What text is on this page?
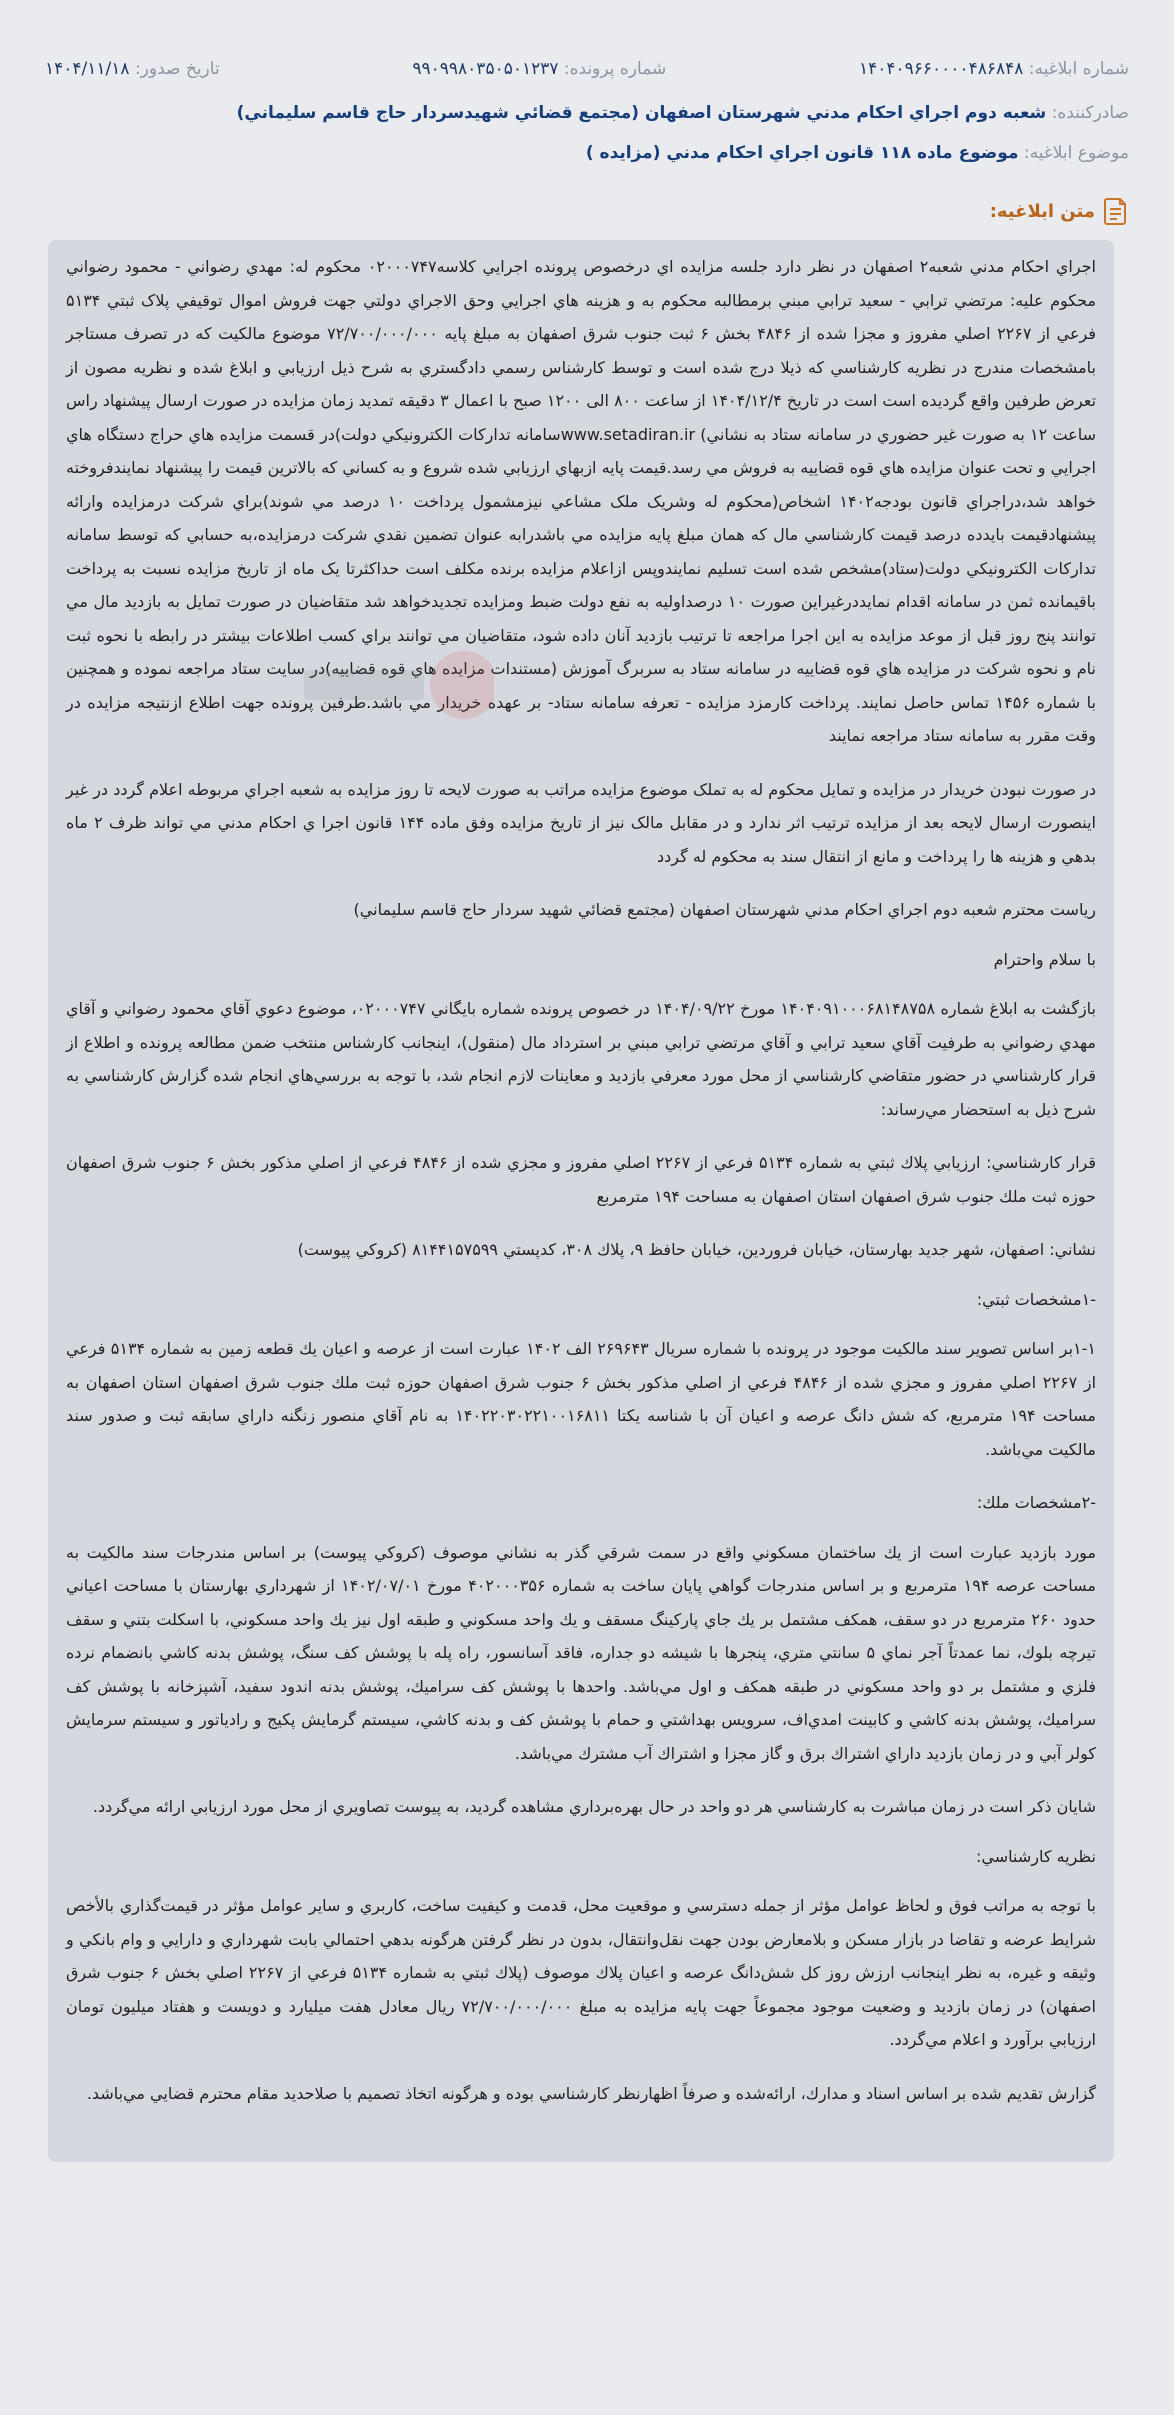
شماره ابلاغیه: ۱۴۰۴۰۹۶۶۰۰۰۰۴۸۶۸۴۸
شماره پرونده: ۹۹۰۹۹۸۰۳۵۰۵۰۱۲۳۷
تاریخ صدور: ۱۴۰۴/۱۱/۱۸
صادرکننده: شعبه دوم اجراي احکام مدني شهرستان اصفهان (مجتمع قضائي شهيدسردار حاج قاسم سليماني)
موضوع ابلاغیه: موضوع ماده ۱۱۸ قانون اجراي احکام مدني (مزايده )
متن ابلاغیه:

اجراي احکام مدني شعبه۲ اصفهان در نظر دارد جلسه مزايده اي درخصوص پرونده اجرايي کلاسه۰۲۰۰۰۷۴۷ محکوم له: مهدي رضواني - محمود رضواني محکوم علیه: مرتضي ترابي - سعيد ترابي مبني برمطالبه محکوم به و هزينه هاي اجرايي وحق الاجراي دولتي جهت فروش اموال توقيفي پلاک ثبتي ۵۱۳۴ فرعي از ۲۲۶۷ اصلي مفروز و مجزا شده از ۴۸۴۶ بخش ۶ ثبت جنوب شرق اصفهان به مبلغ پایه ۷۲/۷۰۰/۰۰۰/۰۰۰ موضوع مالكیت که در تصرف مستاجر بامشخصات مندرج در نظريه کارشناسي که ذيلا درج شده است و توسط کارشناس رسمي دادگستري به شرح ذيل ارزيابي و ابلاغ شده و نظريه مصون از تعرض طرفين واقع گرديده است است در تاريخ ۱۴۰۴/۱۲/۴ از ساعت ۸۰۰ الی ۱۲۰۰ صبح با اعمال ۳ دقیقه تمدید زمان مزایده در صورت ارسال پیشنهاد راس ساعت ۱۲ به صورت غير حضوري در سامانه ستاد به نشاني) www.setadiran.irسامانه تداركات الكترونيكي دولت)در قسمت مزايده هاي حراج دستگاه هاي اجرايي و تحت عنوان مزايده هاي قوه قضاييه به فروش مي رسد.قيمت پايه ازبهاي ارزيابي شده شروع و به كساني كه بالاترين قيمت را پيشنهاد نمايندفروخته خواهد شد،دراجراي قانون بودجه۱۴۰۲ اشخاص(محکوم له وشريک ملک مشاعي نيزمشمول پرداخت ۱۰ درصد مي شوند)براي شرکت درمزايده وارائه پيشنهادقيمت بايدده درصد قيمت كارشناسي مال كه همان مبلغ پايه مزايده مي باشدرابه عنوان تضمين نقدي شركت درمزايده،به حسابي كه توسط سامانه تداركات الكترونيكي دولت(ستاد)مشخص شده است تسليم نمايندوپس ازاعلام مزايده برنده مكلف است حداكثرتا يک ماه از تاريخ مزايده نسبت به پرداخت باقيمانده ثمن در سامانه اقدام نمايددرغيراين صورت ۱۰ درصداوليه به نفع دولت ضبط ومزايده تجديدخواهد شد متقاضيان در صورت تمايل به بازديد مال مي توانند پنج روز قبل از موعد مزايده به اين اجرا مراجعه تا ترتيب بازديد آنان داده شود، متقاضيان مي توانند براي كسب اطلاعات بيشتر در رابطه با نحوه ثبت نام و نحوه شركت در مزايده هاي قوه قضاييه در سامانه ستاد به سربرگ آموزش (مستندات مزايده هاي قوه قضاييه)در سايت ستاد مراجعه نموده و همچنين با شماره ۱۴۵۶ تماس حاصل نمايند. پرداخت کارمزد مزايده - تعرفه سامانه ستاد- بر عهده خريدار مي باشد.طرفین پرونده جهت اطلاع ازنتیجه مزایده در وقت مقرر به سامانه ستاد مراجعه نمایند

در صورت نبودن خريدار در مزايده و تمايل محکوم له به تملک موضوع مزايده مراتب به صورت لايحه تا روز مزايده به شعبه اجراي مربوطه اعلام گردد در غير اينصورت ارسال لايحه بعد از مزايده ترتيب اثر ندارد و در مقابل مالک نيز از تاريخ مزايده وفق ماده ۱۴۴ قانون اجرا ي احکام مدني مي تواند ظرف ۲ ماه بدهي و هزينه ها را پرداخت و مانع از انتقال سند به محکوم له گردد

رياست محترم شعبه دوم اجراي احکام مدني شهرستان اصفهان (مجتمع قضائي شهيد سردار حاج قاسم سليماني)

با سلام واحترام

بازگشت به ابلاغ شماره ۱۴۰۴۰۹۱۰۰۰۶۸۱۴۸۷۵۸ مورخ ۱۴۰۴/۰۹/۲۲ در خصوص پرونده شماره بايگاني ۰۲۰۰۰۷۴۷، موضوع دعوي آقاي محمود رضواني و آقاي مهدي رضواني به طرفيت آقاي سعيد ترابي و آقاي مرتضي ترابي مبني بر استرداد مال (منقول)، اينجانب كارشناس منتخب ضمن مطالعه پرونده و اطلاع از قرار كارشناسي در حضور متقاضي كارشناسي از محل مورد معرفي بازديد و معاينات لازم انجام شد، با توجه به بررسي‌هاي انجام شده گزارش كارشناسي به شرح ذيل به استحضار مي‌رساند:

قرار كارشناسي: ارزيابي پلاك ثبتي به شماره ۵۱۳۴ فرعي از ۲۲۶۷ اصلي مفروز و مجزي شده از ۴۸۴۶ فرعي از اصلي مذكور بخش ۶ جنوب شرق اصفهان حوزه ثبت ملك جنوب شرق اصفهان استان اصفهان به مساحت ۱۹۴ مترمربع

نشاني: اصفهان، شهر جديد بهارستان، خيابان فروردين، خيابان حافظ ۹، پلاك ۳۰۸، كدپستي ۸۱۴۴۱۵۷۵۹۹ (كروكي پيوست)

-۱مشخصات ثبتي:

۱-۱بر اساس تصوير سند مالكيت موجود در پرونده با شماره سريال ۲۶۹۶۴۳ الف ۱۴۰۲ عبارت است از عرصه و اعيان يك قطعه زمين به شماره ۵۱۳۴ فرعي از ۲۲۶۷ اصلي مفروز و مجزي شده از ۴۸۴۶ فرعي از اصلي مذكور بخش ۶ جنوب شرق اصفهان حوزه ثبت ملك جنوب شرق اصفهان استان اصفهان به مساحت ۱۹۴ مترمربع، كه شش دانگ عرصه و اعيان آن با شناسه يكتا ۱۴۰۲۲۰۳۰۲۲۱۰۰۱۶۸۱۱ به نام آقاي منصور زنگنه داراي سابقه ثبت و صدور سند مالكيت مي‌باشد.

-۲مشخصات ملك:

مورد بازديد عبارت است از يك ساختمان مسكوني واقع در سمت شرقي گذر به نشاني موصوف (كروكي پيوست) بر اساس مندرجات سند مالكيت به مساحت عرصه ۱۹۴ مترمربع و بر اساس مندرجات گواهي پايان ساخت به شماره ۴۰۲۰۰۰۳۵۶ مورخ ۱۴۰۲/۰۷/۰۱ از شهرداري بهارستان با مساحت اعياني حدود ۲۶۰ مترمربع در دو سقف، همكف مشتمل بر يك جاي پاركينگ مسقف و يك واحد مسكوني و طبقه اول نيز يك واحد مسكوني، با اسكلت بتني و سقف تيرچه بلوك، نما عمدتاً آجر نماي ۵ سانتي متري، پنجرها با شيشه دو جداره، فاقد آسانسور، راه پله با پوشش كف سنگ، پوشش بدنه كاشي بانضمام نرده فلزي و مشتمل بر دو واحد مسكوني در طبقه همكف و اول مي‌باشد. واحدها با پوشش كف سراميك، پوشش بدنه اندود سفيد، آشپزخانه با پوشش كف سراميك، پوشش بدنه كاشي و كابينت امدي‌اف، سرويس بهداشتي و حمام با پوشش كف و بدنه كاشي، سيستم گرمايش پكيج و رادياتور و سيستم سرمايش كولر آبي و در زمان بازديد داراي اشتراك برق و گاز مجزا و اشتراك آب مشترك مي‌باشد.

شايان ذكر است در زمان مباشرت به كارشناسي هر دو واحد در حال بهره‌برداري مشاهده گرديد، به پيوست تصاويري از محل مورد ارزيابي ارائه مي‌گردد.

نظريه كارشناسي:

با توجه به مراتب فوق و لحاظ عوامل مؤثر از جمله دسترسي و موقعيت محل، قدمت و كيفيت ساخت، كاربري و ساير عوامل مؤثر در قيمت‌گذاري بالأخص شرايط عرضه و تقاضا در بازار مسكن و بلامعارض بودن جهت نقل‌وانتقال، بدون در نظر گرفتن هرگونه بدهي احتمالي بابت شهرداري و دارايي و وام بانكي و وثيقه و غيره، به نظر اينجانب ارزش روز كل شش‌دانگ عرصه و اعيان پلاك موصوف (پلاك ثبتي به شماره ۵۱۳۴ فرعي از ۲۲۶۷ اصلي بخش ۶ جنوب شرق اصفهان) در زمان بازديد و وضعيت موجود مجموعاً جهت پايه مزايده به مبلغ ۷۲/۷۰۰/۰۰۰/۰۰۰ ريال معادل هفت ميليارد و دويست و هفتاد ميليون تومان ارزيابي برآورد و اعلام مي‌گردد.

گزارش تقديم شده بر اساس اسناد و مدارك، ارائه‌شده و صرفاً اظهارنظر كارشناسي بوده و هرگونه اتخاذ تصميم با صلاحديد مقام محترم قضايي مي‌باشد.
